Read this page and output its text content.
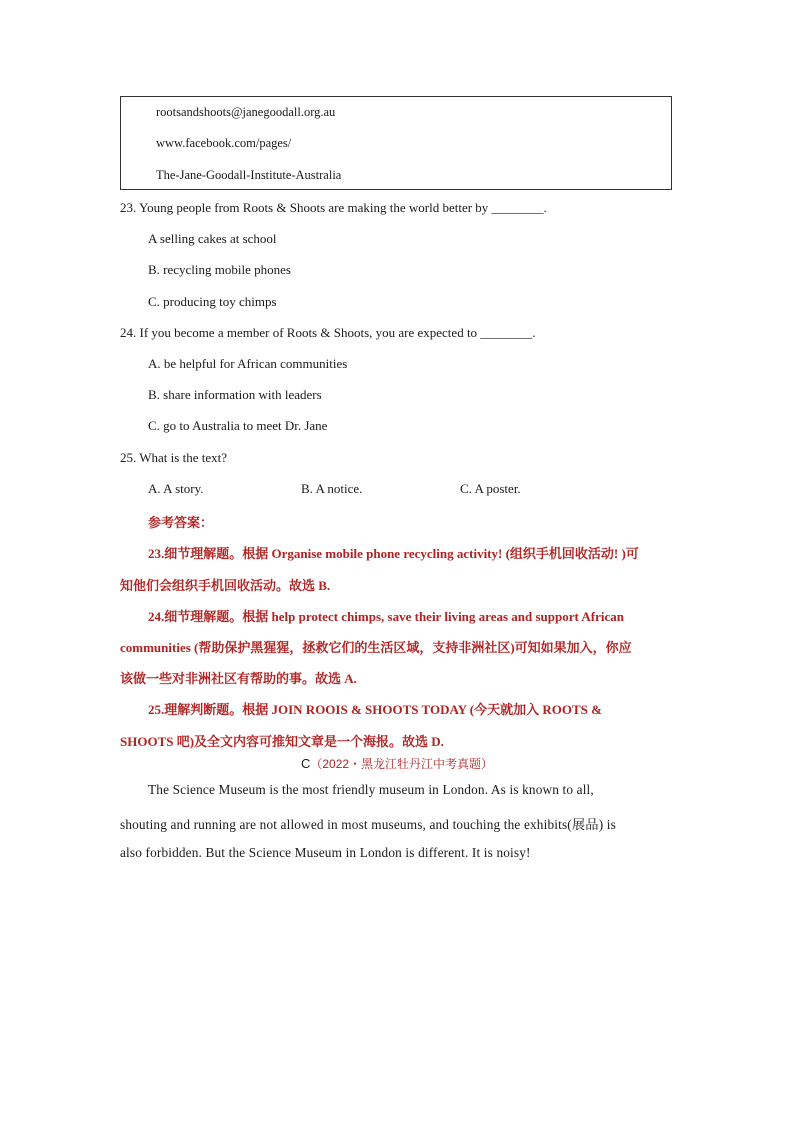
rootsandshoots@janegoodall.org.au
www.facebook.com/pages/
The-Jane-Goodall-Institute-Australia
23. Young people from Roots & Shoots are making the world better by ________.
A selling cakes at school
B. recycling mobile phones
C. producing toy chimps
24. If you become a member of Roots & Shoots, you are expected to ________.
A. be helpful for African communities
B. share information with leaders
C. go to Australia to meet Dr. Jane
25. What is the text?
A. A story.	B. A notice.	C. A poster.
参考答案：
23.细节理解题。根据 Organise mobile phone recycling activity! (组织手机回收活动! )可
知他们会组织手机回收活动。故选 B.
24.细节理解题。根据 help protect chimps, save their living areas and support African
communities (帮助保护黑猩猩，拯救它们的生活区域，支持非洲社区)可知如果加入，你应
该做一些对非洲社区有帮助的事。故选 A.
25.理解判断题。根据 JOIN ROOIS & SHOOTS TODAY (今天就加入 ROOTS &
SHOOTS 吧)及全文内容可推知文章是一个海报。故选 D.
C（2022・黑龙江牡丹江中考真题）
The Science Museum is the most friendly museum in London. As is known to all,
shouting and running are not allowed in most museums, and touching the exhibits(展品) is
also forbidden. But the Science Museum in London is different. It is noisy!
